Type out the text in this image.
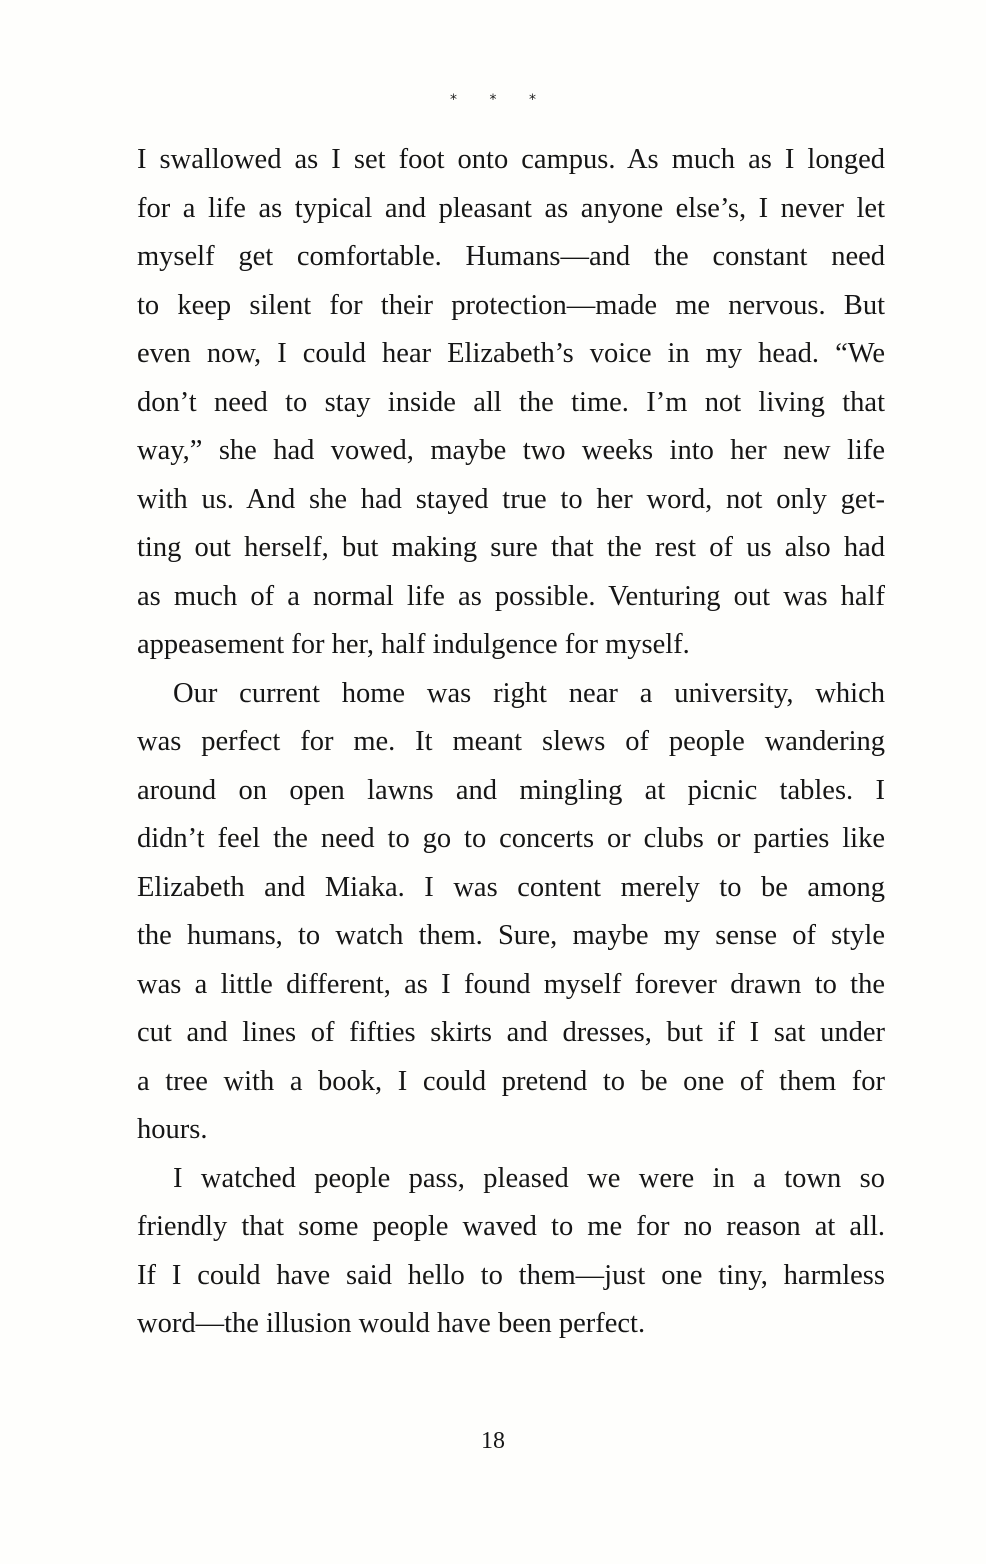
* * *
I swallowed as I set foot onto campus. As much as I longed
for a life as typical and pleasant as anyone else’s, I never let
myself get comfortable. Humans—and the constant need
to keep silent for their protection—made me nervous. But
even now, I could hear Elizabeth’s voice in my head. “We
don’t need to stay inside all the time. I’m not living that
way,” she had vowed, maybe two weeks into her new life
with us. And she had stayed true to her word, not only get-
ting out herself, but making sure that the rest of us also had
as much of a normal life as possible. Venturing out was half
appeasement for her, half indulgence for myself.
Our current home was right near a university, which
was perfect for me. It meant slews of people wandering
around on open lawns and mingling at picnic tables. I
didn’t feel the need to go to concerts or clubs or parties like
Elizabeth and Miaka. I was content merely to be among
the humans, to watch them. Sure, maybe my sense of style
was a little different, as I found myself forever drawn to the
cut and lines of fifties skirts and dresses, but if I sat under
a tree with a book, I could pretend to be one of them for
hours.
I watched people pass, pleased we were in a town so
friendly that some people waved to me for no reason at all.
If I could have said hello to them—just one tiny, harmless
word—the illusion would have been perfect.
18
